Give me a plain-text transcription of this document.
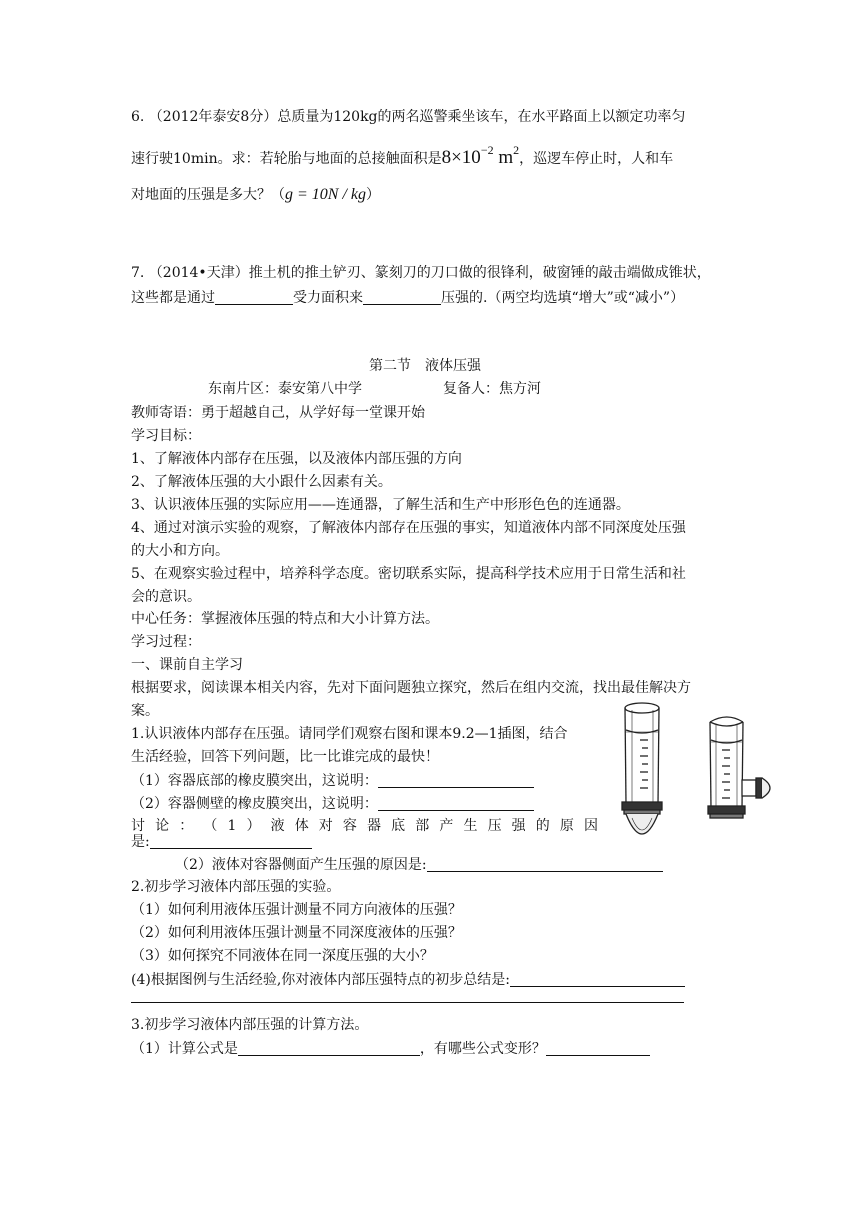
6. （2012年泰安8分）总质量为120kg的两名巡警乘坐该车，在水平路面上以额定功率匀
速行驶10min。求：若轮胎与地面的总接触面积是$8\times 10^{-2}$ $m^2$，巡逻车停止时，人和车
对地面的压强是多大？（g = 10N / kg）
7. （2014•天津）推土机的推土铲刃、篆刻刀的刀口做的很锋利，破窗锤的敲击端做成锥状，
这些都是通过	受力面积来	压强的.（两空均选填“增大”或“减小”）
第二节　液体压强
东南片区：泰安第八中学	复备人：焦方河
教师寄语：勇于超越自己，从学好每一堂课开始
学习目标：
1、了解液体内部存在压强，以及液体内部压强的方向
2、了解液体压强的大小跟什么因素有关。
3、认识液体压强的实际应用——连通器，了解生活和生产中形形色色的连通器。
4、通过对演示实验的观察，了解液体内部存在压强的事实，知道液体内部不同深度处压强
的大小和方向。
5、在观察实验过程中，培养科学态度。密切联系实际，提高科学技术应用于日常生活和社
会的意识。
中心任务：掌握液体压强的特点和大小计算方法。
学习过程：
一、课前自主学习
根据要求，阅读课本相关内容，先对下面问题独立探究，然后在组内交流，找出最佳解决方
案。
1.认识液体内部存在压强。请同学们观察右图和课本9.2—1插图，结合
生活经验，回答下列问题，比一比谁完成的最快！
（1）容器底部的橡皮膜突出，这说明：
（2）容器侧壁的橡皮膜突出，这说明：
讨 论 ： （ 1 ） 液 体 对 容 器 底 部 产 生 压 强 的 原 因
是:
（2）液体对容器侧面产生压强的原因是:
2.初步学习液体内部压强的实验。
（1）如何利用液体压强计测量不同方向液体的压强？
（2）如何利用液体压强计测量不同深度液体的压强？
（3）如何探究不同液体在同一深度压强的大小？
(4)根据图例与生活经验,你对液体内部压强特点的初步总结是:
3.初步学习液体内部压强的计算方法。
（1）计算公式是	，有哪些公式变形？
